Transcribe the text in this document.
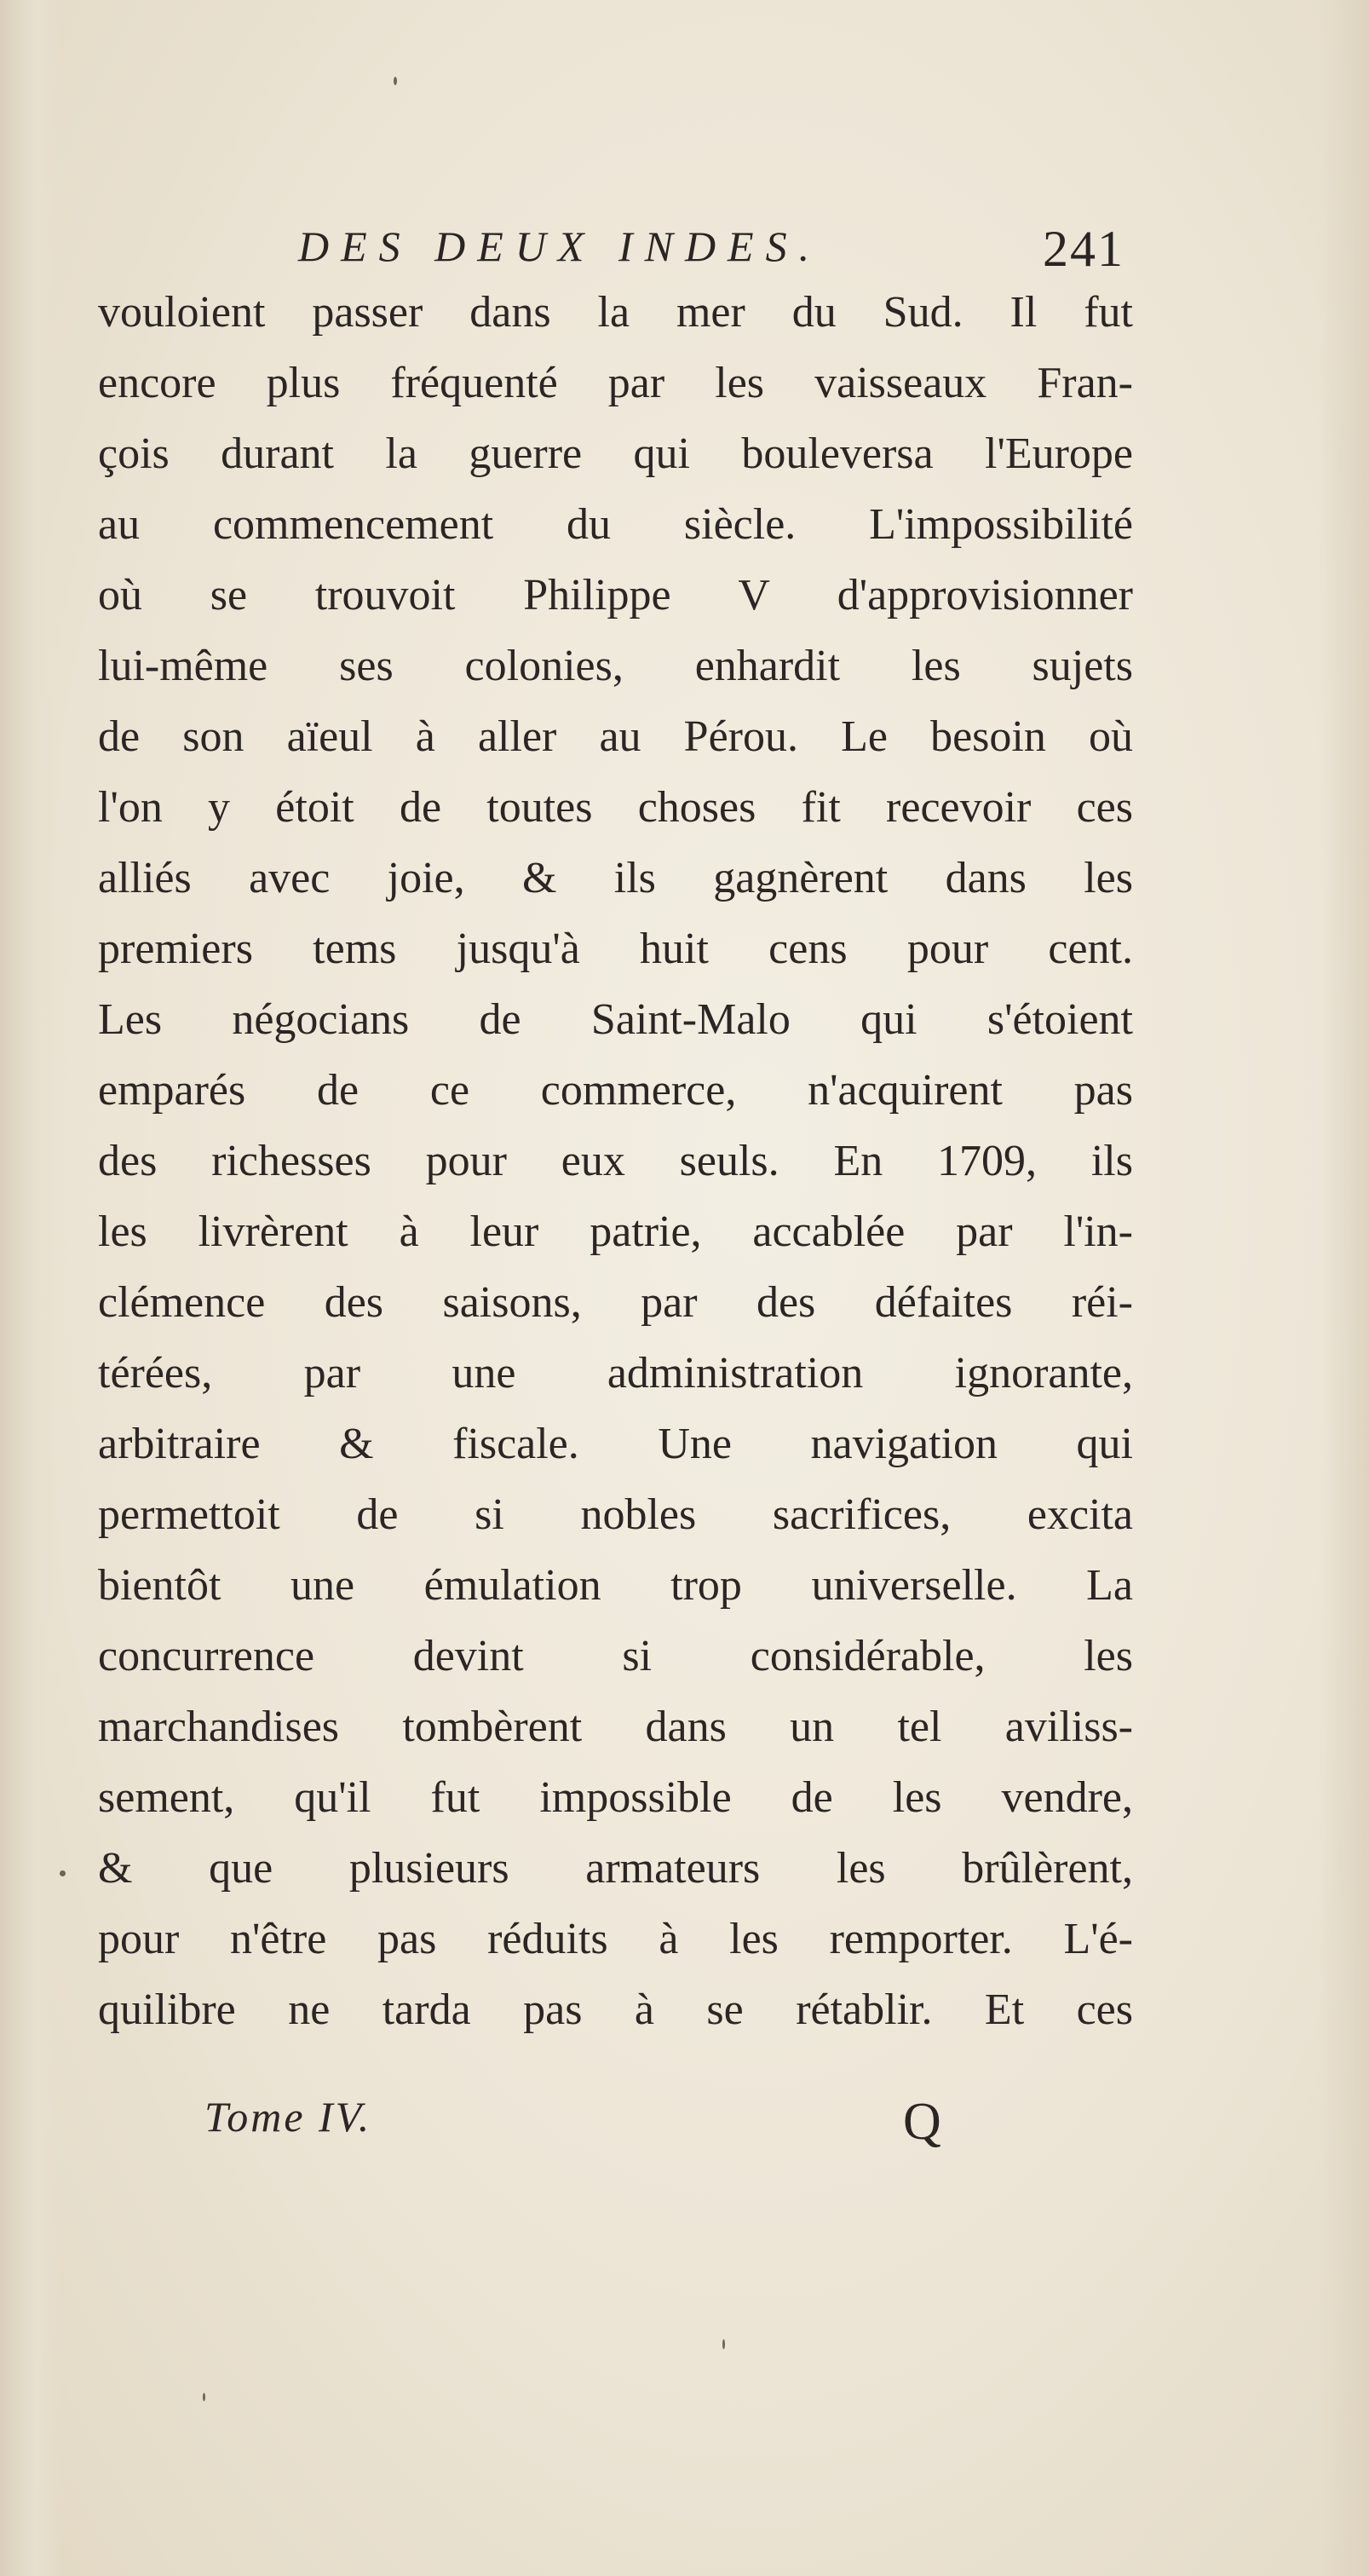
DES DEUX INDES.	241
vouloient passer dans la mer du Sud. Il fut
encore plus fréquenté par les vaisseaux Fran-
çois durant la guerre qui bouleversa l'Europe
au commencement du siècle. L'impossibilité
où se trouvoit Philippe V d'approvisionner
lui-même ses colonies, enhardit les sujets
de son aïeul à aller au Pérou. Le besoin où
l'on y étoit de toutes choses fit recevoir ces
alliés avec joie, & ils gagnèrent dans les
premiers tems jusqu'à huit cens pour cent.
Les négocians de Saint-Malo qui s'étoient
emparés de ce commerce, n'acquirent pas
des richesses pour eux seuls. En 1709, ils
les livrèrent à leur patrie, accablée par l'in-
clémence des saisons, par des défaites réi-
térées, par une administration ignorante,
arbitraire & fiscale. Une navigation qui
permettoit de si nobles sacrifices, excita
bientôt une émulation trop universelle. La
concurrence devint si considérable, les
marchandises tombèrent dans un tel aviliss-
sement, qu'il fut impossible de les vendre,
& que plusieurs armateurs les brûlèrent,
pour n'être pas réduits à les remporter. L'é-
quilibre ne tarda pas à se rétablir. Et ces
Tome IV.	Q
